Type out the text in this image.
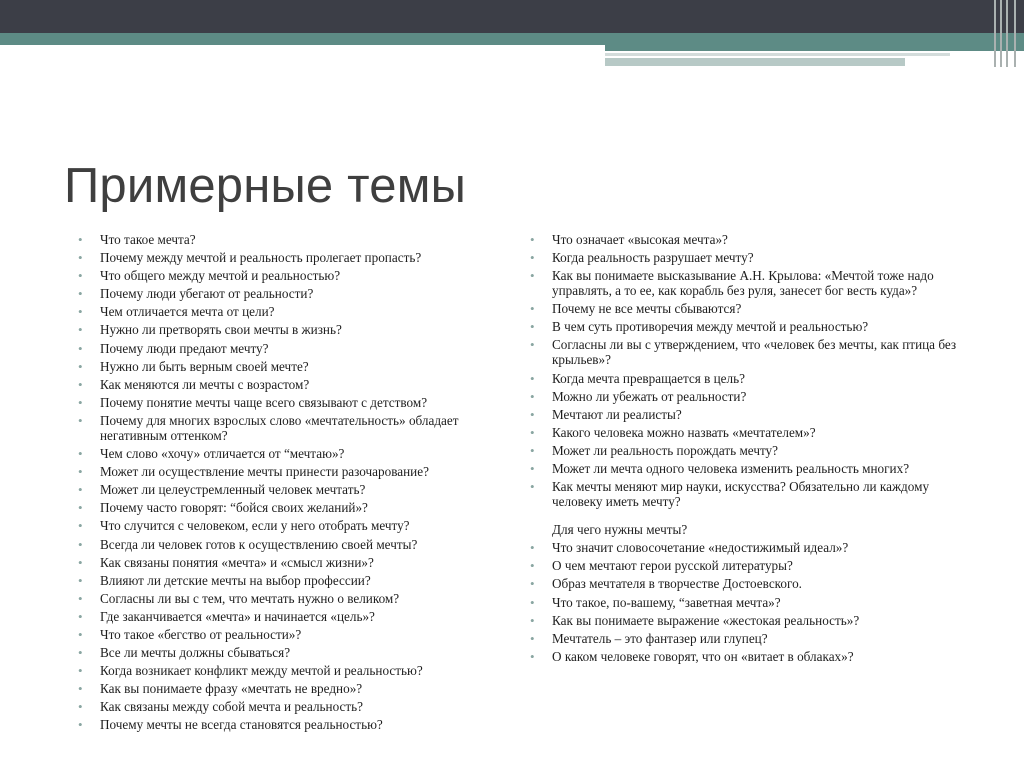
Примерные темы
• Что такое мечта?
• Почему между мечтой и реальность пролегает пропасть?
• Что общего между мечтой и реальностью?
• Почему люди убегают от реальности?
• Чем отличается мечта от цели?
• Нужно ли претворять свои мечты в жизнь?
• Почему люди предают мечту?
• Нужно ли быть верным своей мечте?
• Как меняются ли мечты с возрастом?
• Почему понятие мечты чаще всего связывают с детством?
• Почему для многих взрослых слово «мечтательность» обладает негативным оттенком?
• Чем слово «хочу» отличается от “мечтаю»?
• Может ли осуществление мечты принести разочарование?
• Может ли целеустремленный человек мечтать?
• Почему часто говорят: “бойся своих желаний»?
• Что случится с человеком, если у него отобрать мечту?
• Всегда ли человек готов к осуществлению своей мечты?
• Как связаны понятия «мечта» и «смысл жизни»?
• Влияют ли детские мечты на выбор профессии?
• Согласны ли вы с тем, что мечтать нужно о великом?
• Где заканчивается «мечта» и начинается «цель»?
• Что такое «бегство от реальности»?
• Все ли мечты должны сбываться?
• Когда возникает конфликт между мечтой и реальностью?
• Как вы понимаете фразу «мечтать не вредно»?
• Как связаны между собой мечта и реальность?
• Почему мечты не всегда становятся реальностью?
• Что означает «высокая мечта»?
• Когда реальность разрушает мечту?
• Как вы понимаете высказывание А.Н. Крылова: «Мечтой тоже надо управлять, а то ее, как корабль без руля, занесет бог весть куда»?
• Почему не все мечты сбываются?
• В чем суть противоречия между мечтой и реальностью?
• Согласны ли вы с утверждением, что «человек без мечты, как птица без крыльев»?
• Когда мечта превращается в цель?
• Можно ли убежать от реальности?
• Мечтают ли реалисты?
• Какого человека можно назвать «мечтателем»?
• Может ли реальность порождать мечту?
• Может ли мечта одного человека изменить реальность многих?
• Как мечты меняют мир науки, искусства? Обязательно ли каждому человеку иметь мечту?
Для чего нужны мечты?
• Что значит словосочетание «недостижимый идеал»?
• О чем мечтают герои русской литературы?
• Образ мечтателя в творчестве Достоевского.
• Что такое, по-вашему, “заветная мечта»?
• Как вы понимаете выражение «жестокая реальность»?
• Мечтатель – это фантазер или глупец?
• О каком человеке говорят, что он «витает в облаках»?
